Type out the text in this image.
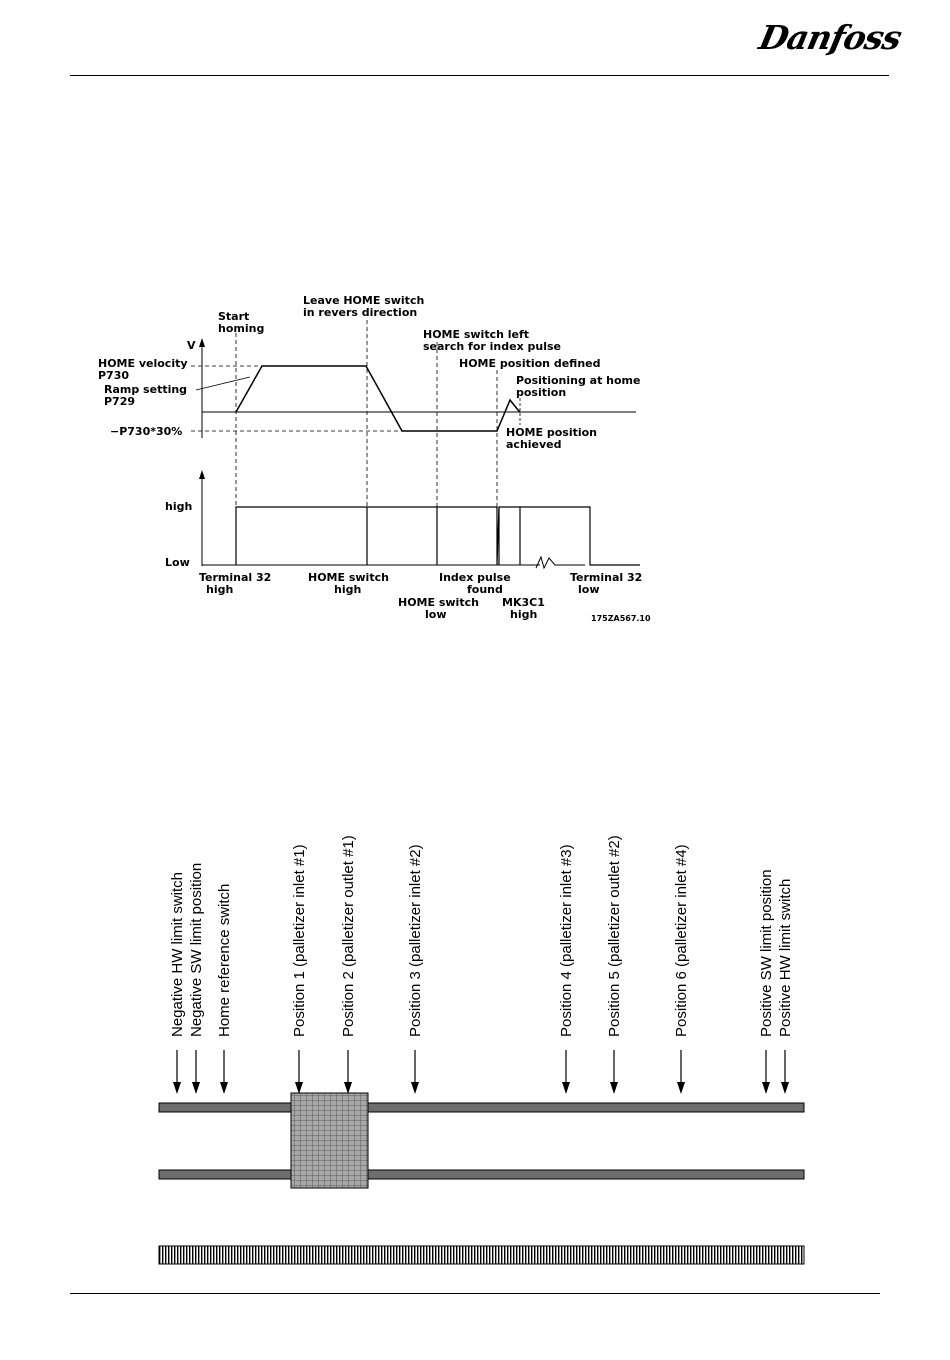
Danfoss
Start
homing
Leave HOME switch
in revers direction
V
HOME switch left
search for index pulse
HOME velocity
P730
HOME position defined
Ramp setting
P729
Positioning at home
position
−P730*30%	HOME position
achieved
high
Low
Terminal 32
high
HOME switch
high
Index pulse
found
Terminal 32
low
HOME switch
low
MK3C1
high	175ZA567.10
Negative HW limit switch Negative SW limit position Home reference switch	Position 1 (palletizer inlet #1) Position 2 (palletizer outlet #1)	Position 3 (palletizer inlet #2)	Position 4 (palletizer inlet #3) Position 5 (palletizer outlet #2)	Position 6 (palletizer inlet #4)	Positive SW limit position Positive HW limit switch
